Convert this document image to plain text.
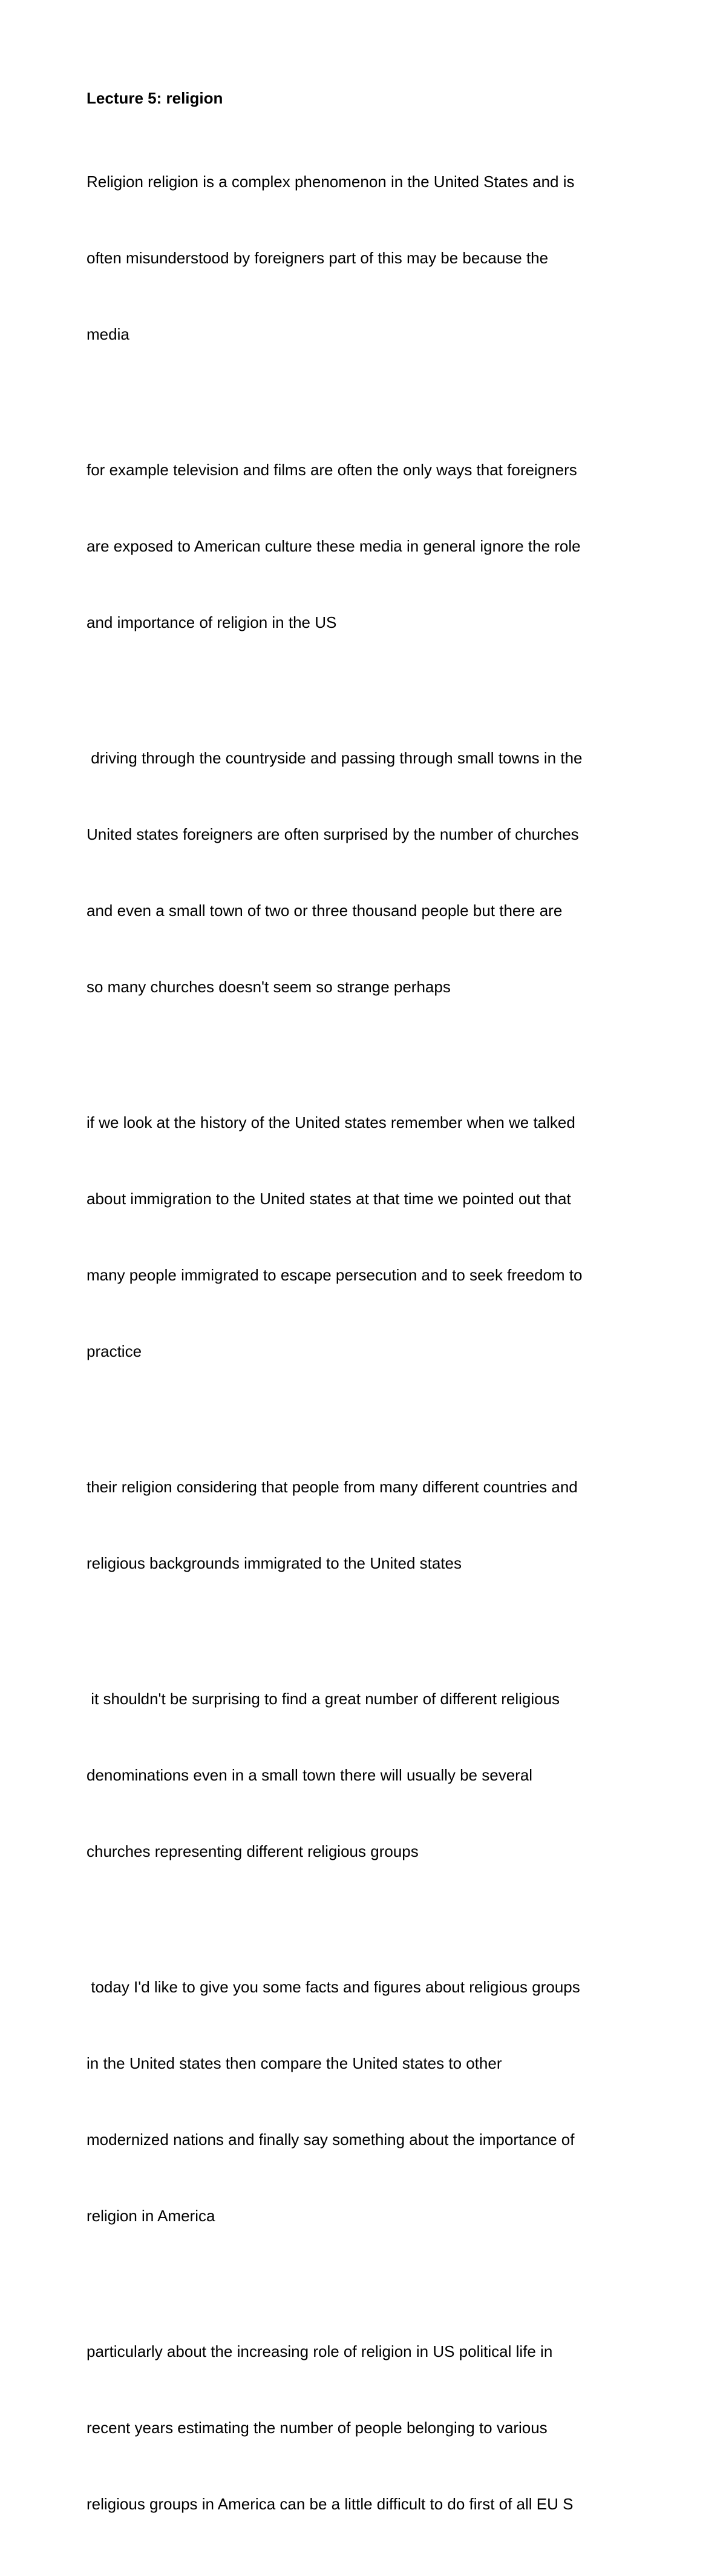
Lecture 5: religion

Religion religion is a complex phenomenon in the United States and is

often misunderstood by foreigners part of this may be because the

media

for example television and films are often the only ways that foreigners

are exposed to American culture these media in general ignore the role

and importance of religion in the US

driving through the countryside and passing through small towns in the

United states foreigners are often surprised by the number of churches

and even a small town of two or three thousand people but there are

so many churches doesn't seem so strange perhaps

if we look at the history of the United states remember when we talked

about immigration to the United states at that time we pointed out that

many people immigrated to escape persecution and to seek freedom to

practice

their religion considering that people from many different countries and

religious backgrounds immigrated to the United states

it shouldn't be surprising to find a great number of different religious

denominations even in a small town there will usually be several

churches representing different religious groups

today I'd like to give you some facts and figures about religious groups

in the United states then compare the United states to other

modernized nations and finally say something about the importance of

religion in America

particularly about the increasing role of religion in US political life in

recent years estimating the number of people belonging to various

religious groups in America can be a little difficult to do first of all EU S
